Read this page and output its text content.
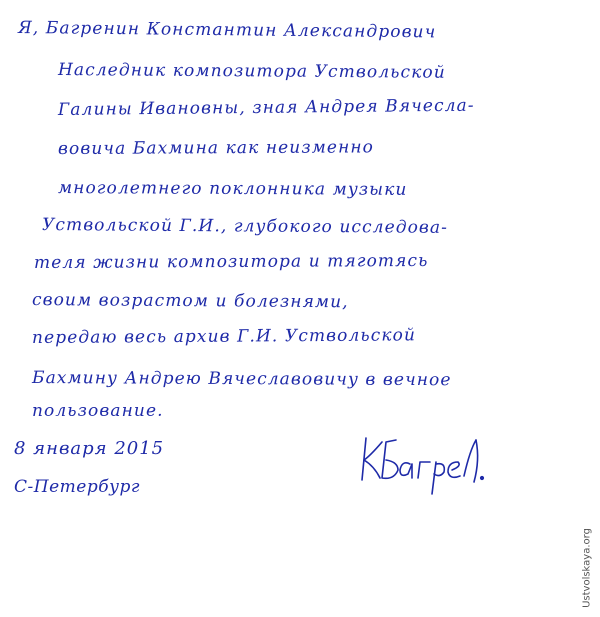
Я, Багренин Константин Александрович
Наследник композитора Уствольской
Галины Ивановны, зная Андрея Вячесла-
вовича Бахмина как неизменно
многолетнего поклонника музыки
Уствольской Г.И., глубокого исследова-
теля жизни композитора и тяготясь
своим возрастом и болезнями,
передаю весь архив Г.И. Уствольской
Бахмину Андрею Вячеславовичу в вечное
пользование.
8 января 2015
С-Петербург
Ustvolskaya.org
